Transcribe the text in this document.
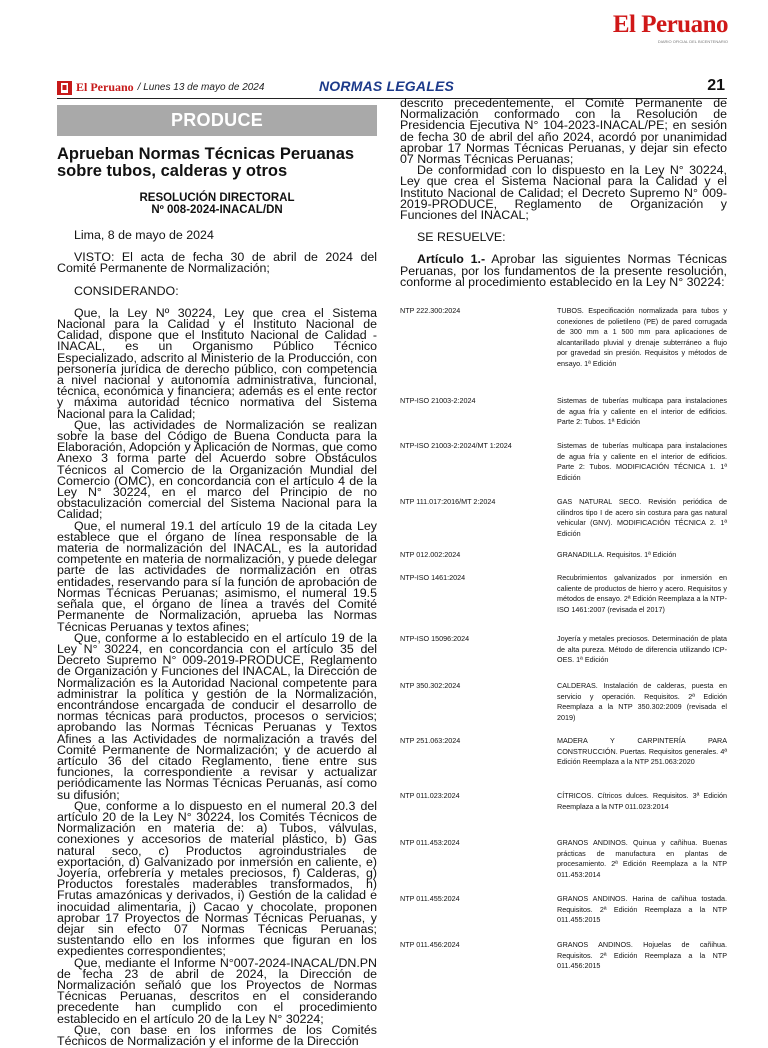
El Peruano
DIARIO OFICIAL DEL BICENTENARIO
El Peruano / Lunes 13 de mayo de 2024	NORMAS LEGALES	21
PRODUCE
Aprueban Normas Técnicas Peruanas sobre tubos, calderas y otros
RESOLUCIÓN DIRECTORAL
Nº 008-2024-INACAL/DN

Lima, 8 de mayo de 2024

VISTO: El acta de fecha 30 de abril de 2024 del Comité Permanente de Normalización;

CONSIDERANDO:

Que, la Ley Nº 30224, Ley que crea el Sistema Nacional para la Calidad y el Instituto Nacional de Calidad, dispone que el Instituto Nacional de Calidad - INACAL, es un Organismo Público Técnico Especializado, adscrito al Ministerio de la Producción, con personería jurídica de derecho público, con competencia a nivel nacional y autonomía administrativa, funcional, técnica, económica y financiera; además es el ente rector y máxima autoridad técnico normativa del Sistema Nacional para la Calidad;

Que, las actividades de Normalización se realizan sobre la base del Código de Buena Conducta para la Elaboración, Adopción y Aplicación de Normas, que como Anexo 3 forma parte del Acuerdo sobre Obstáculos Técnicos al Comercio de la Organización Mundial del Comercio (OMC), en concordancia con el artículo 4 de la Ley N° 30224, en el marco del Principio de no obstaculización comercial del Sistema Nacional para la Calidad;

Que, el numeral 19.1 del artículo 19 de la citada Ley establece que el órgano de línea responsable de la materia de normalización del INACAL, es la autoridad competente en materia de normalización, y puede delegar parte de las actividades de normalización en otras entidades, reservando para sí la función de aprobación de Normas Técnicas Peruanas; asimismo, el numeral 19.5 señala que, el órgano de línea a través del Comité Permanente de Normalización, aprueba las Normas Técnicas Peruanas y textos afines;

Que, conforme a lo establecido en el artículo 19 de la Ley N° 30224, en concordancia con el artículo 35 del Decreto Supremo N° 009-2019-PRODUCE, Reglamento de Organización y Funciones del INACAL, la Dirección de Normalización es la Autoridad Nacional competente para administrar la política y gestión de la Normalización, encontrándose encargada de conducir el desarrollo de normas técnicas para productos, procesos o servicios; aprobando las Normas Técnicas Peruanas y Textos Afines a las Actividades de normalización a través del Comité Permanente de Normalización; y de acuerdo al artículo 36 del citado Reglamento, tiene entre sus funciones, la correspondiente a revisar y actualizar periódicamente las Normas Técnicas Peruanas, así como su difusión;

Que, conforme a lo dispuesto en el numeral 20.3 del artículo 20 de la Ley N° 30224, los Comités Técnicos de Normalización en materia de: a) Tubos, válvulas, conexiones y accesorios de material plástico, b) Gas natural seco, c) Productos agroindustriales de exportación, d) Galvanizado por inmersión en caliente, e) Joyería, orfebrería y metales preciosos, f) Calderas, g) Productos forestales maderables transformados, h) Frutas amazónicas y derivados, i) Gestión de la calidad e inocuidad alimentaria, j) Cacao y chocolate, proponen aprobar 17 Proyectos de Normas Técnicas Peruanas, y dejar sin efecto 07 Normas Técnicas Peruanas; sustentando ello en los informes que figuran en los expedientes correspondientes;

Que, mediante el Informe N°007-2024-INACAL/DN.PN de fecha 23 de abril de 2024, la Dirección de Normalización señaló que los Proyectos de Normas Técnicas Peruanas, descritos en el considerando precedente han cumplido con el procedimiento establecido en el artículo 20 de la Ley N° 30224;

Que, con base en los informes de los Comités Técnicos de Normalización y el informe de la Dirección

descrito precedentemente, el Comité Permanente de Normalización conformado con la Resolución de Presidencia Ejecutiva N° 104-2023-INACAL/PE; en sesión de fecha 30 de abril del año 2024, acordó por unanimidad aprobar 17 Normas Técnicas Peruanas, y dejar sin efecto 07 Normas Técnicas Peruanas;

De conformidad con lo dispuesto en la Ley N° 30224, Ley que crea el Sistema Nacional para la Calidad y el Instituto Nacional de Calidad; el Decreto Supremo N° 009-2019-PRODUCE, Reglamento de Organización y Funciones del INACAL;

SE RESUELVE:

Artículo 1.- Aprobar las siguientes Normas Técnicas Peruanas, por los fundamentos de la presente resolución, conforme al procedimiento establecido en la Ley N° 30224:

NTP 222.300:2024	TUBOS. Especificación normalizada para tubos y conexiones de polietileno (PE) de pared corrugada de 300 mm a 1 500 mm para aplicaciones de alcantarillado pluvial y drenaje subterráneo a flujo por gravedad sin presión. Requisitos y métodos de ensayo. 1ª Edición
NTP-ISO 21003-2:2024	Sistemas de tuberías multicapa para instalaciones de agua fría y caliente en el interior de edificios. Parte 2: Tubos. 1ª Edición
NTP-ISO 21003-2:2024/MT 1:2024	Sistemas de tuberías multicapa para instalaciones de agua fría y caliente en el interior de edificios. Parte 2: Tubos. MODIFICACIÓN TÉCNICA 1. 1ª Edición
NTP 111.017:2016/MT 2:2024	GAS NATURAL SECO. Revisión periódica de cilindros tipo I de acero sin costura para gas natural vehicular (GNV). MODIFICACIÓN TÉCNICA 2. 1ª Edición
NTP 012.002:2024	GRANADILLA. Requisitos. 1ª Edición
NTP-ISO 1461:2024	Recubrimientos galvanizados por inmersión en caliente de productos de hierro y acero. Requisitos y métodos de ensayo. 2ª Edición Reemplaza a la NTP-ISO 1461:2007 (revisada el 2017)
NTP-ISO 15096:2024	Joyería y metales preciosos. Determinación de plata de alta pureza. Método de diferencia utilizando ICP-OES. 1ª Edición
NTP 350.302:2024	CALDERAS. Instalación de calderas, puesta en servicio y operación. Requisitos. 2ª Edición Reemplaza a la NTP 350.302:2009 (revisada el 2019)
NTP 251.063:2024	MADERA Y CARPINTERÍA PARA CONSTRUCCIÓN. Puertas. Requisitos generales. 4ª Edición Reemplaza a la NTP 251.063:2020
NTP 011.023:2024	CÍTRICOS. Cítricos dulces. Requisitos. 3ª Edición Reemplaza a la NTP 011.023:2014
NTP 011.453:2024	GRANOS ANDINOS. Quinua y cañihua. Buenas prácticas de manufactura en plantas de procesamiento. 2ª Edición Reemplaza a la NTP 011.453:2014
NTP 011.455:2024	GRANOS ANDINOS. Harina de cañihua tostada. Requisitos. 2ª Edición Reemplaza a la NTP 011.455:2015
NTP 011.456:2024	GRANOS ANDINOS. Hojuelas de cañihua. Requisitos. 2ª Edición Reemplaza a la NTP 011.456:2015
